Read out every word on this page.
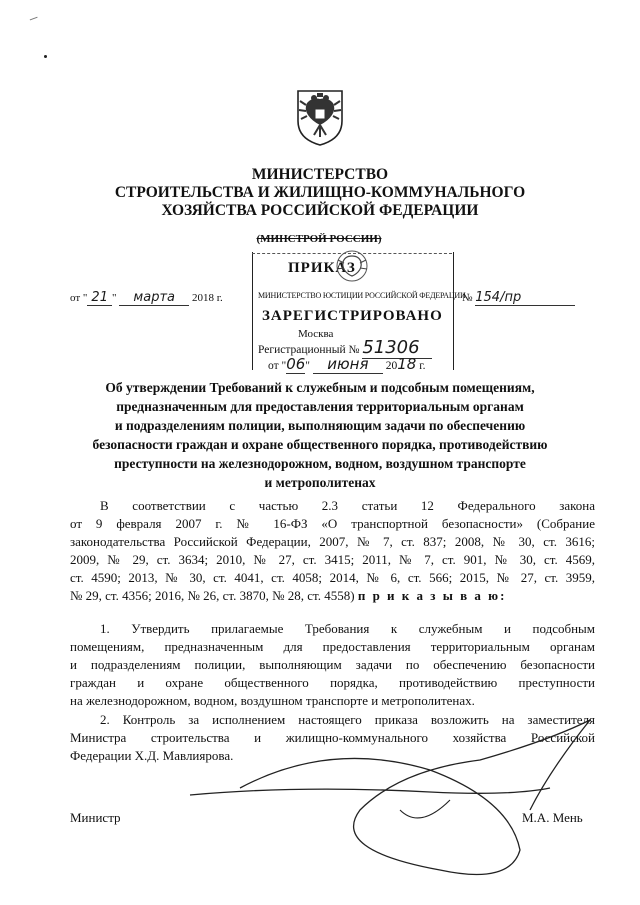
МИНИСТЕРСТВО
СТРОИТЕЛЬСТВА И ЖИЛИЩНО-КОММУНАЛЬНОГО
ХОЗЯЙСТВА РОССИЙСКОЙ ФЕДЕРАЦИИ
(МИНСТРОЙ РОССИИ)
ПРИКАЗ
от " 21 " марта 2018 г.	МИНИСТЕРСТВО ЮСТИЦИИ РОССИЙСКОЙ ФЕДЕРАЦИИ
№ 154/пр
ЗАРЕГИСТРИРОВАНО
Москва
Регистрационный № 51306
от "06" июня 2018 г.
Об утверждении Требований к служебным и подсобным помещениям,
предназначенным для предоставления территориальным органам
и подразделениям полиции, выполняющим задачи по обеспечению
безопасности граждан и охране общественного порядка, противодействию
преступности на железнодорожном, водном, воздушном транспорте
и метрополитенах
В соответствии с частью 2.3 статьи 12 Федерального закона
от 9 февраля 2007 г. № 16-ФЗ «О транспортной безопасности» (Собрание
законодательства Российской Федерации, 2007, № 7, ст. 837; 2008, № 30, ст. 3616;
2009, № 29, ст. 3634; 2010, № 27, ст. 3415; 2011, № 7, ст. 901, № 30, ст. 4569,
ст. 4590; 2013, № 30, ст. 4041, ст. 4058; 2014, № 6, ст. 566; 2015, № 27, ст. 3959,
№ 29, ст. 4356; 2016, № 26, ст. 3870, № 28, ст. 4558) п р и к а з ы в а ю:
1. Утвердить прилагаемые Требования к служебным и подсобным
помещениям, предназначенным для предоставления территориальным органам
и подразделениям полиции, выполняющим задачи по обеспечению безопасности
граждан и охране общественного порядка, противодействию преступности
на железнодорожном, водном, воздушном транспорте и метрополитенах.
2. Контроль за исполнением настоящего приказа возложить на заместителя
Министра строительства и жилищно-коммунального хозяйства Российской
Федерации Х.Д. Мавлиярова.
Министр	М.А. Мень
